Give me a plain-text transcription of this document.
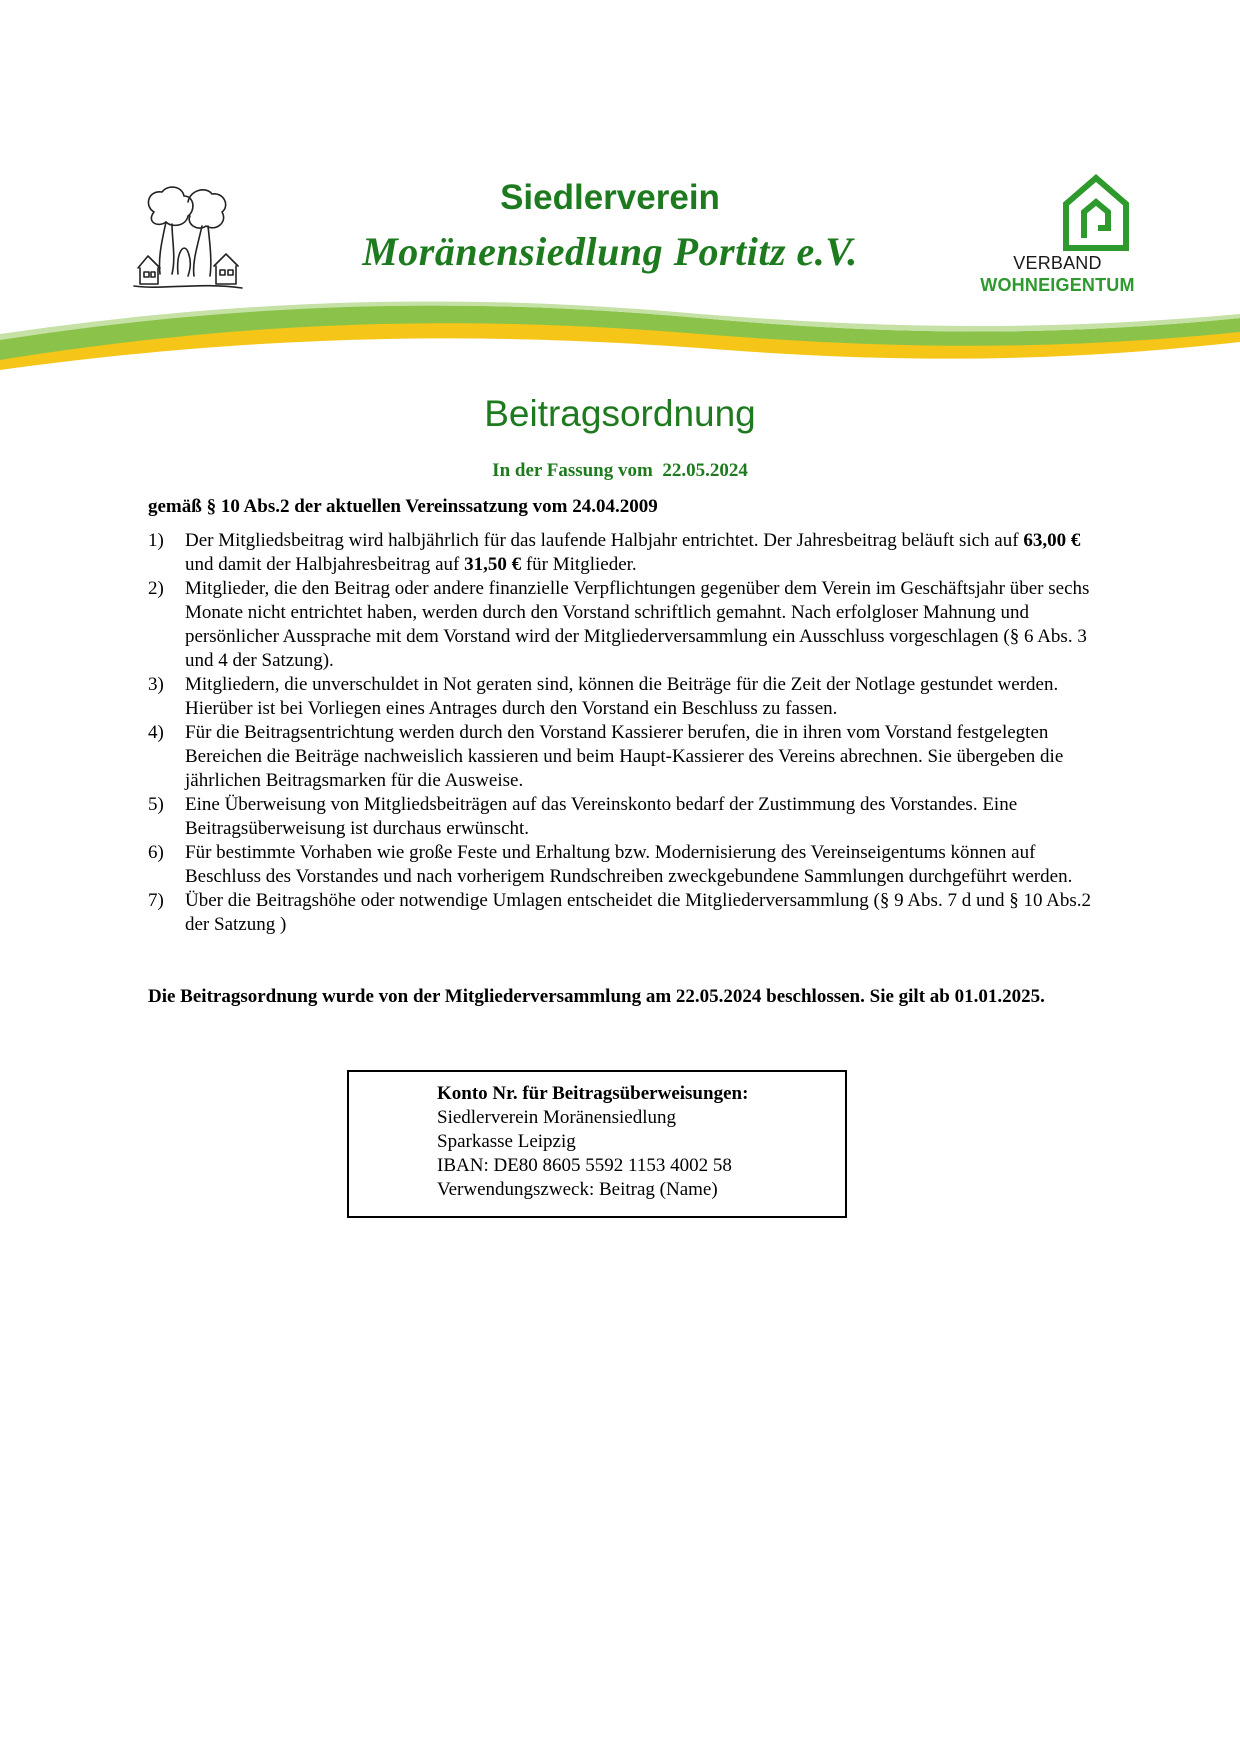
Siedlerverein
Moränensiedlung Portitz e.V.	VERBAND WOHNEIGENTUM
Beitragsordnung
In der Fassung vom  22.05.2024
gemäß § 10 Abs.2 der aktuellen Vereinssatzung vom 24.04.2009
1) Der Mitgliedsbeitrag wird halbjährlich für das laufende Halbjahr entrichtet. Der Jahresbeitrag beläuft sich auf 63,00 € und damit der Halbjahresbeitrag auf 31,50 € für Mitglieder.
2) Mitglieder, die den Beitrag oder andere finanzielle Verpflichtungen gegenüber dem Verein im Geschäftsjahr über sechs Monate nicht entrichtet haben, werden durch den Vorstand schriftlich gemahnt. Nach erfolgloser Mahnung und persönlicher Aussprache mit dem Vorstand wird der Mitgliederversammlung ein Ausschluss vorgeschlagen (§ 6 Abs. 3 und 4 der Satzung).
3) Mitgliedern, die unverschuldet in Not geraten sind, können die Beiträge für die Zeit der Notlage gestundet werden. Hierüber ist bei Vorliegen eines Antrages durch den Vorstand ein Beschluss zu fassen.
4) Für die Beitragsentrichtung werden durch den Vorstand Kassierer berufen, die in ihren vom Vorstand festgelegten Bereichen die Beiträge nachweislich kassieren und beim Haupt-Kassierer des Vereins abrechnen. Sie übergeben die jährlichen Beitragsmarken für die Ausweise.
5) Eine Überweisung von Mitgliedsbeiträgen auf das Vereinskonto bedarf der Zustimmung des Vorstandes. Eine Beitragsüberweisung ist durchaus erwünscht.
6) Für bestimmte Vorhaben wie große Feste und Erhaltung bzw. Modernisierung des Vereinseigentums können auf Beschluss des Vorstandes und nach vorherigem Rundschreiben zweckgebundene Sammlungen durchgeführt werden.
7) Über die Beitragshöhe oder notwendige Umlagen entscheidet die Mitgliederversammlung (§ 9 Abs. 7 d und § 10 Abs.2 der Satzung )
Die Beitragsordnung wurde von der Mitgliederversammlung am 22.05.2024 beschlossen. Sie gilt ab 01.01.2025.
Konto Nr. für Beitragsüberweisungen:
Siedlerverein Moränensiedlung
Sparkasse Leipzig
IBAN: DE80 8605 5592 1153 4002 58
Verwendungszweck: Beitrag (Name)
